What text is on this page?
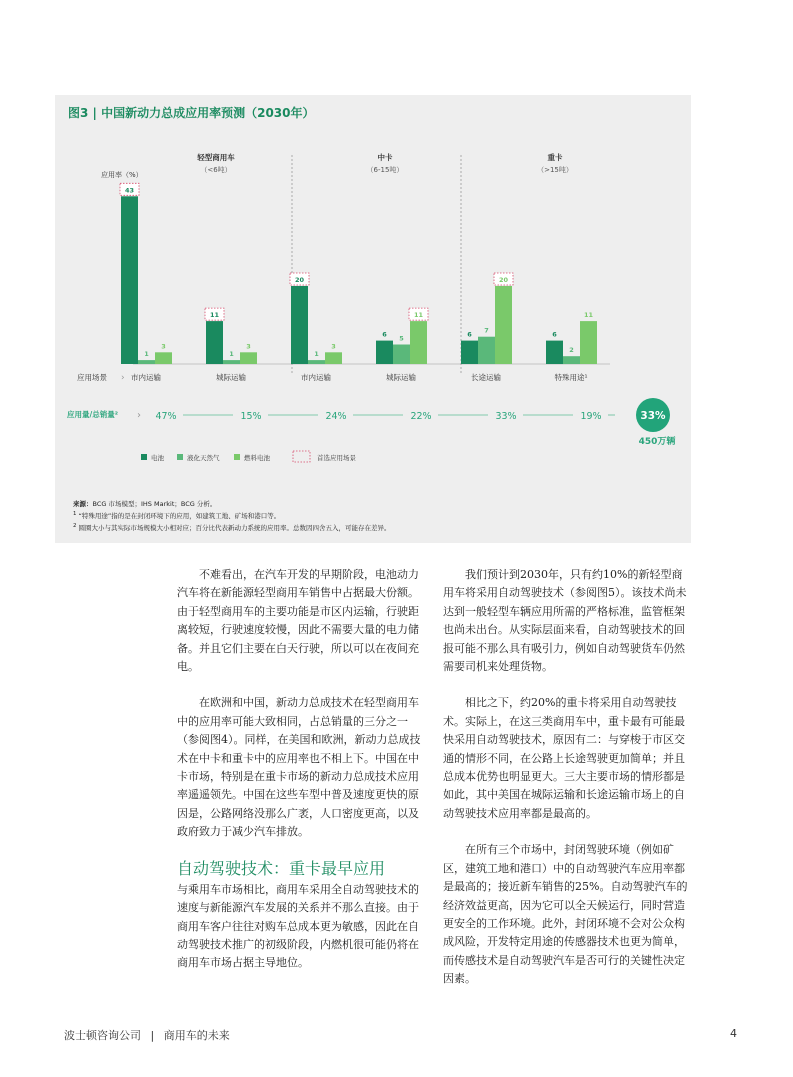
图3 | 中国新动力总成应用率预测（2030年）
应用率（%）
轻型商用车
（<6吨）
中卡
（6-15吨）
重卡
（>15吨）
43
1
3
11
1
3
20
1
3
6 5
11
6 7
20
6
2
11
应用场景 › 市内运输	城际运输	市内运输	城际运输	长途运输	特殊用途¹
应用量/总销量² › 47%	15%	24%	22%	33%	19%	33%
450万辆
电池	液化天然气	燃料电池	首选应用场景
来源：BCG 市场模型；IHS Markit；BCG 分析。
$^1$ “特殊用途”指的是在封闭环境下的应用，如建筑工地、矿场和港口等。
$^2$ 圆圈大小与其实际市场规模大小相对应；百分比代表新动力系统的应用率。总数因四舍五入，可能存在差异。

不难看出，在汽车开发的早期阶段，电池动力汽车将在新能源轻型商用车销售中占据最大份额。由于轻型商用车的主要功能是市区内运输，行驶距离较短，行驶速度较慢，因此不需要大量的电力储备。并且它们主要在白天行驶，所以可以在夜间充电。

在欧洲和中国，新动力总成技术在轻型商用车中的应用率可能大致相同，占总销量的三分之一（参阅图4）。同样，在美国和欧洲，新动力总成技术在中卡和重卡中的应用率也不相上下。中国在中卡市场，特别是在重卡市场的新动力总成技术应用率遥遥领先。中国在这些车型中普及速度更快的原因是，公路网络没那么广袤，人口密度更高，以及政府致力于减少汽车排放。

自动驾驶技术：重卡最早应用

与乘用车市场相比，商用车采用全自动驾驶技术的速度与新能源汽车发展的关系并不那么直接。由于商用车客户往往对购车总成本更为敏感，因此在自动驾驶技术推广的初级阶段，内燃机很可能仍将在商用车市场占据主导地位。

我们预计到2030年，只有约10%的新轻型商用车将采用自动驾驶技术（参阅图5）。该技术尚未达到一般轻型车辆应用所需的严格标准，监管框架也尚未出台。从实际层面来看，自动驾驶技术的回报可能不那么具有吸引力，例如自动驾驶货车仍然需要司机来处理货物。

相比之下，约20%的重卡将采用自动驾驶技术。实际上，在这三类商用车中，重卡最有可能最快采用自动驾驶技术，原因有二：与穿梭于市区交通的情形不同，在公路上长途驾驶更加简单；并且总成本优势也明显更大。三大主要市场的情形都是如此，其中美国在城际运输和长途运输市场上的自动驾驶技术应用率都是最高的。

在所有三个市场中，封闭驾驶环境（例如矿区，建筑工地和港口）中的自动驾驶汽车应用率都是最高的；接近新车销售的25%。自动驾驶汽车的经济效益更高，因为它可以全天候运行，同时营造更安全的工作环境。此外，封闭环境不会对公众构成风险，开发特定用途的传感器技术也更为简单，而传感技术是自动驾驶汽车是否可行的关键性决定因素。

波士顿咨询公司 | 商用车的未来	4
